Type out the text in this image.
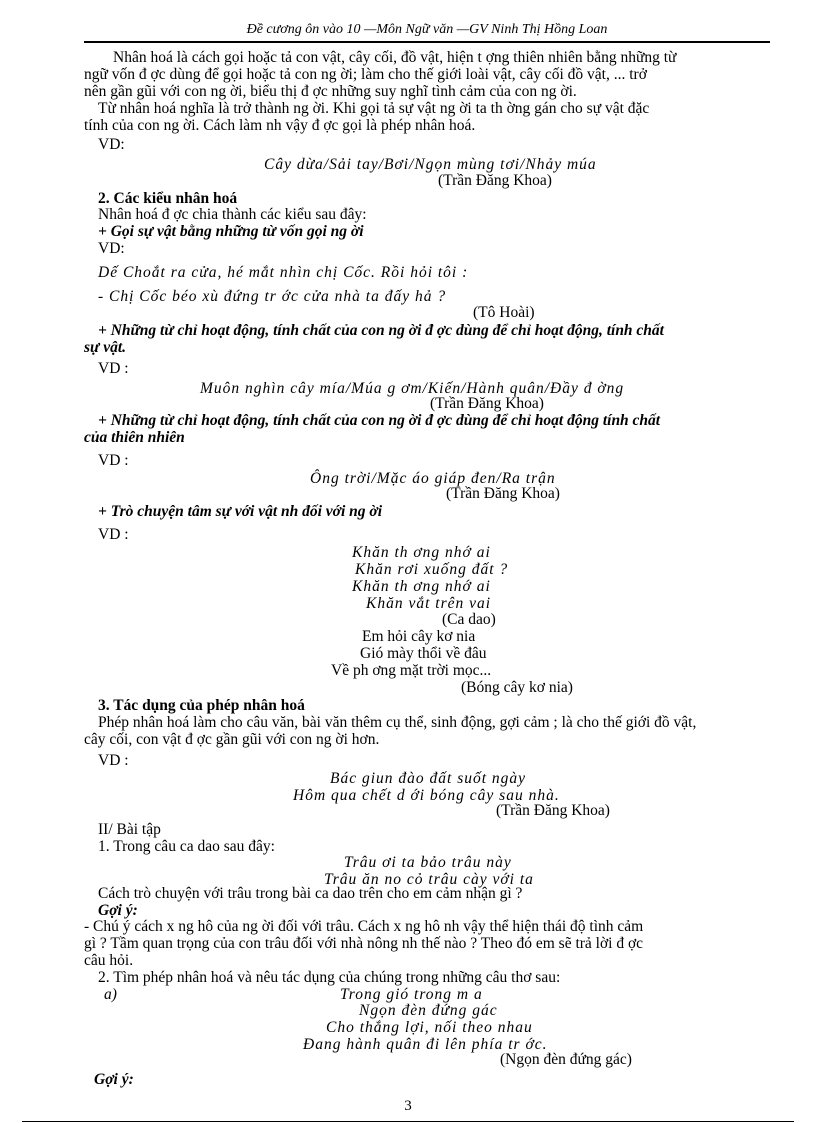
Đề cương ôn vào 10 —Môn Ngữ văn —GV Ninh Thị Hồng Loan
Nhân hoá là cách gọi hoặc tả con vật, cây cối, đồ vật, hiện t ợng thiên nhiên bằng những từ
ngữ vốn đ ợc dùng để gọi hoặc tả con ng ời; làm cho thế giới loài vật, cây cối đồ vật, ... trở
nên gần gũi với con ng ời, biểu thị đ ợc những suy nghĩ tình cảm của con ng ời.
Từ nhân hoá nghĩa là trở thành ng ời. Khi gọi tả sự vật ng ời ta th ờng gán cho sự vật đặc
tính của con ng ời. Cách làm nh vậy đ ợc gọi là phép nhân hoá.
VD:
Cây dừa/Sải tay/Bơi/Ngọn mùng tơi/Nhảy múa
(Trần Đăng Khoa)
2. Các kiểu nhân hoá
Nhân hoá đ ợc chia thành các kiểu sau đây:
+ Gọi sự vật bằng những từ vốn gọi ng ời
VD:
Dế Choắt ra cửa, hé mắt nhìn chị Cốc. Rồi hỏi tôi :
- Chị Cốc béo xù đứng tr ớc cửa nhà ta đấy hả ?
(Tô Hoài)
+ Những từ chỉ hoạt động, tính chất của con ng ời đ ợc dùng để chỉ hoạt động, tính chất
sự vật.
VD :
Muôn nghìn cây mía/Múa g ơm/Kiến/Hành quân/Đầy đ ờng
(Trần Đăng Khoa)
+ Những từ chỉ hoạt động, tính chất của con ng ời đ ợc dùng để chỉ hoạt động tính chất
của thiên nhiên
VD :
Ông trời/Mặc áo giáp đen/Ra trận
(Trần Đăng Khoa)
+ Trò chuyện tâm sự với vật nh đối với ng ời
VD :
Khăn th ơng nhớ ai
Khăn rơi xuống đất ?
Khăn th ơng nhớ ai
Khăn vắt trên vai
(Ca dao)
Em hỏi cây kơ nia
Gió mày thổi về đâu
Về ph ơng mặt trời mọc...
(Bóng cây kơ nia)
3. Tác dụng của phép nhân hoá
Phép nhân hoá làm cho câu văn, bài văn thêm cụ thể, sinh động, gợi cảm ; là cho thế giới đồ vật,
cây cối, con vật đ ợc gần gũi với con ng ời hơn.
VD :
Bác giun đào đất suốt ngày
Hôm qua chết d ới bóng cây sau nhà.
(Trần Đăng Khoa)
II/ Bài tập
1. Trong câu ca dao sau đây:
Trâu ơi ta bảo trâu này
Trâu ăn no cỏ trâu cày với ta
Cách trò chuyện với trâu trong bài ca dao trên cho em cảm nhận gì ?
Gợi ý:
- Chú ý cách x ng hô của ng ời đối với trâu. Cách x ng hô nh vậy thể hiện thái độ tình cảm
gì ? Tầm quan trọng của con trâu đối với nhà nông nh thế nào ? Theo đó em sẽ trả lời đ ợc
câu hỏi.
2. Tìm phép nhân hoá và nêu tác dụng của chúng trong những câu thơ sau:
a)	Trong gió trong m a
Ngọn đèn đứng gác
Cho thắng lợi, nối theo nhau
Đang hành quân đi lên phía tr ớc.
(Ngọn đèn đứng gác)
Gợi ý:
3
